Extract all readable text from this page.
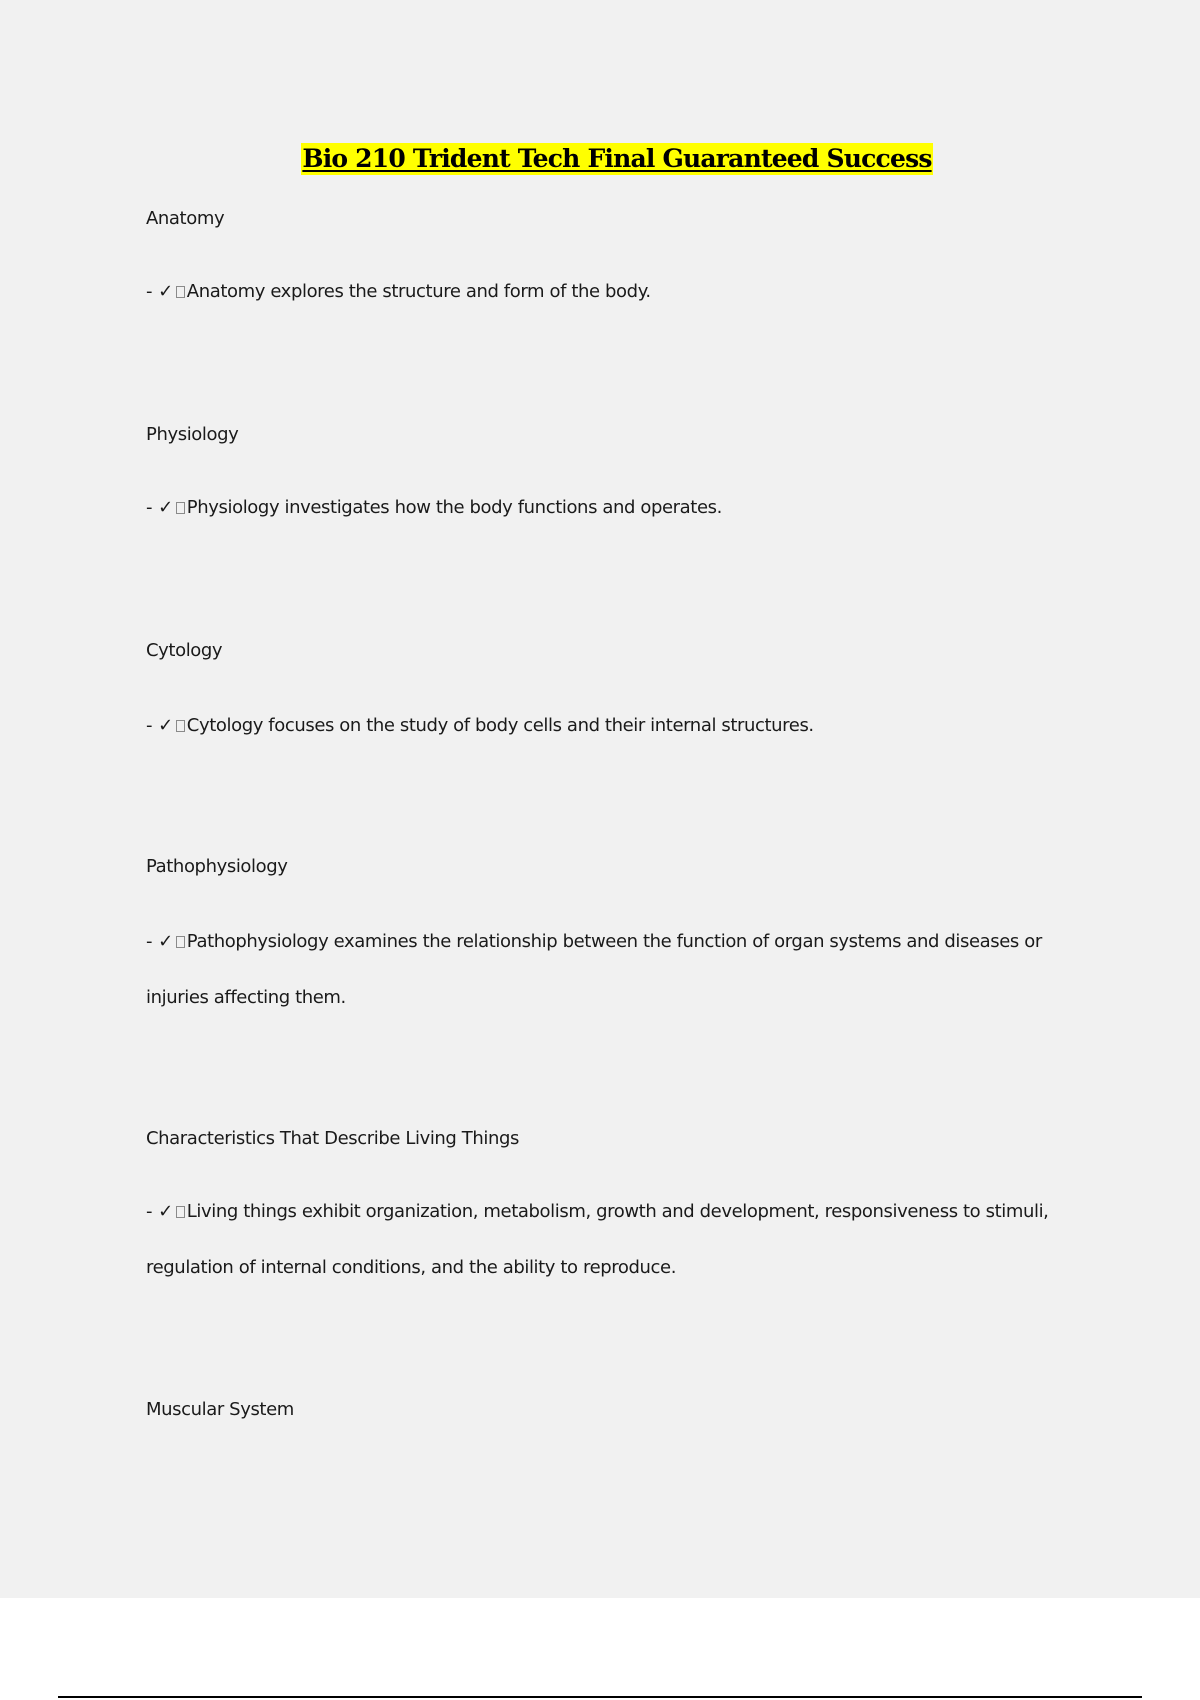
Bio 210 Trident Tech Final Guaranteed Success
Anatomy
- ✓ Anatomy explores the structure and form of the body.
Physiology
- ✓ Physiology investigates how the body functions and operates.
Cytology
- ✓ Cytology focuses on the study of body cells and their internal structures.
Pathophysiology
- ✓ Pathophysiology examines the relationship between the function of organ systems and diseases or
injuries affecting them.
Characteristics That Describe Living Things
- ✓ Living things exhibit organization, metabolism, growth and development, responsiveness to stimuli,
regulation of internal conditions, and the ability to reproduce.
Muscular System
